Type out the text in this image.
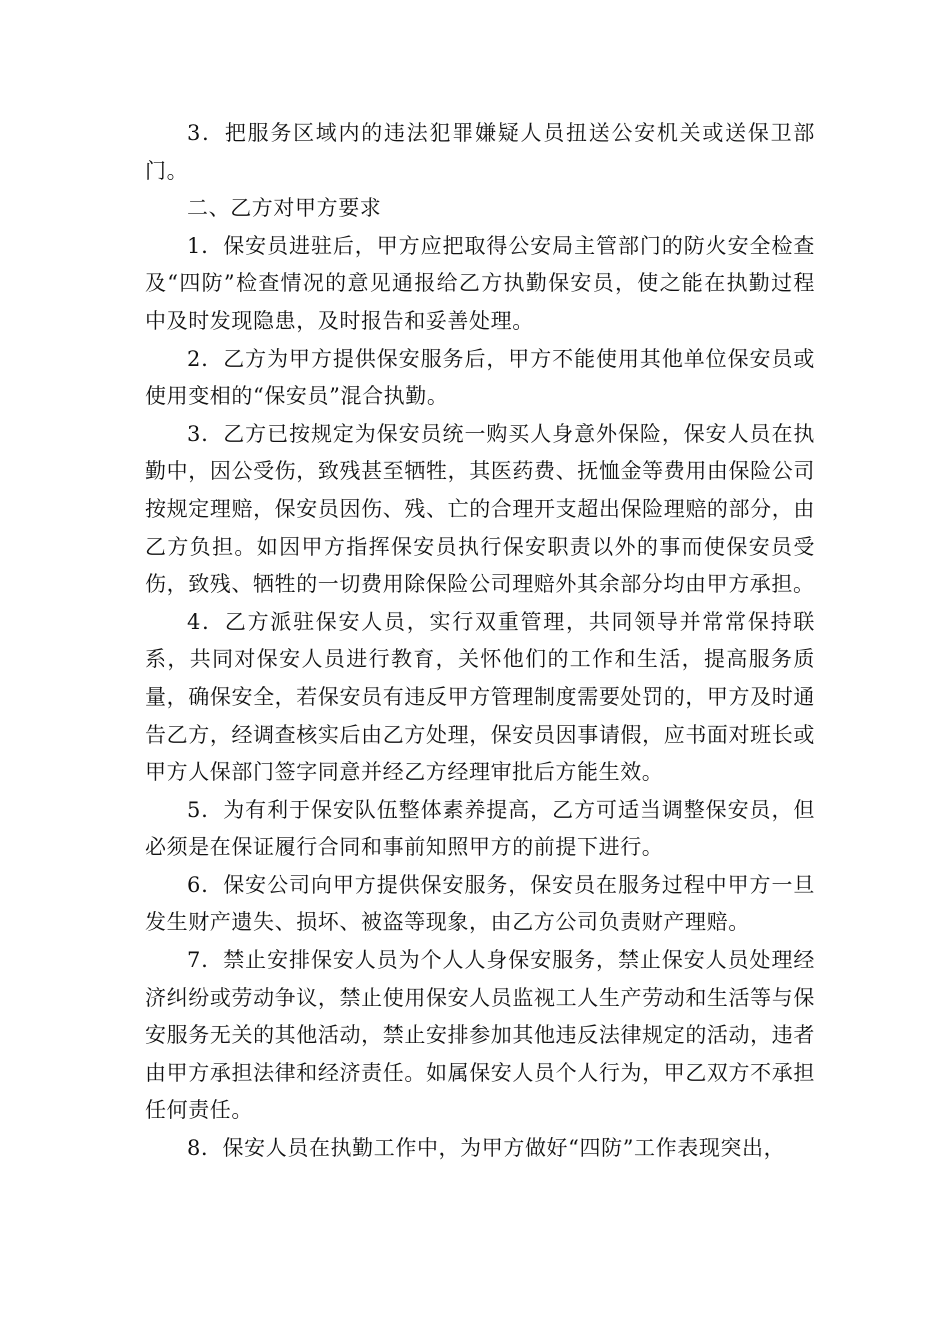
3．把服务区域内的违法犯罪嫌疑人员扭送公安机关或送保卫部门。

二、乙方对甲方要求

1．保安员进驻后，甲方应把取得公安局主管部门的防火安全检查及“四防”检查情况的意见通报给乙方执勤保安员，使之能在执勤过程中及时发现隐患，及时报告和妥善处理。

2．乙方为甲方提供保安服务后，甲方不能使用其他单位保安员或使用变相的“保安员”混合执勤。

3．乙方已按规定为保安员统一购买人身意外保险，保安人员在执勤中，因公受伤，致残甚至牺牲，其医药费、抚恤金等费用由保险公司按规定理赔，保安员因伤、残、亡的合理开支超出保险理赔的部分，由乙方负担。如因甲方指挥保安员执行保安职责以外的事而使保安员受伤，致残、牺牲的一切费用除保险公司理赔外其余部分均由甲方承担。

4．乙方派驻保安人员，实行双重管理，共同领导并常常保持联系，共同对保安人员进行教育，关怀他们的工作和生活，提高服务质量，确保安全，若保安员有违反甲方管理制度需要处罚的，甲方及时通告乙方，经调查核实后由乙方处理，保安员因事请假，应书面对班长或甲方人保部门签字同意并经乙方经理审批后方能生效。

5．为有利于保安队伍整体素养提高，乙方可适当调整保安员，但必须是在保证履行合同和事前知照甲方的前提下进行。

6．保安公司向甲方提供保安服务，保安员在服务过程中甲方一旦发生财产遗失、损坏、被盗等现象，由乙方公司负责财产理赔。

7．禁止安排保安人员为个人人身保安服务，禁止保安人员处理经济纠纷或劳动争议，禁止使用保安人员监视工人生产劳动和生活等与保安服务无关的其他活动，禁止安排参加其他违反法律规定的活动，违者由甲方承担法律和经济责任。如属保安人员个人行为，甲乙双方不承担任何责任。

8．保安人员在执勤工作中，为甲方做好“四防”工作表现突出，
